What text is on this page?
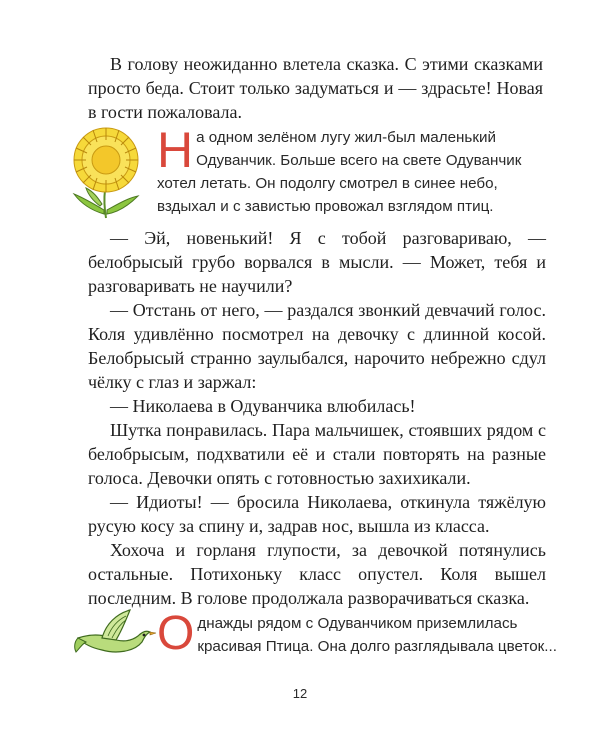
В голову неожиданно влетела сказка. С этими сказками просто беда. Стоит только задуматься и — здрасьте! Новая в гости пожаловала.

Н а одном зелёном лугу жил-был маленький Одуванчик. Больше всего на свете Одуванчик хотел летать. Он подолгу смотрел в синее небо, вздыхал и с завистью провожал взглядом птиц.

— Эй, новенький! Я с тобой разговариваю, — белобрысый грубо ворвался в мысли. — Может, тебя и разговаривать не научили?

— Отстань от него, — раздался звонкий девчачий голос. Коля удивлённо посмотрел на девочку с длинной косой. Белобрысый странно заулыбался, нарочито небрежно сдул чёлку с глаз и заржал:

— Николаева в Одуванчика влюбилась!

Шутка понравилась. Пара мальчишек, стоявших рядом с белобрысым, подхватили её и стали повторять на разные голоса. Девочки опять с готовностью захихикали.

— Идиоты! — бросила Николаева, откинула тяжёлую русую косу за спину и, задрав нос, вышла из класса.

Хохоча и горланя глупости, за девочкой потянулись остальные. Потихоньку класс опустел. Коля вышел последним. В голове продолжала разворачиваться сказка.

О днажды рядом с Одуванчиком приземлилась красивая Птица. Она долго разглядывала цветок...
12
